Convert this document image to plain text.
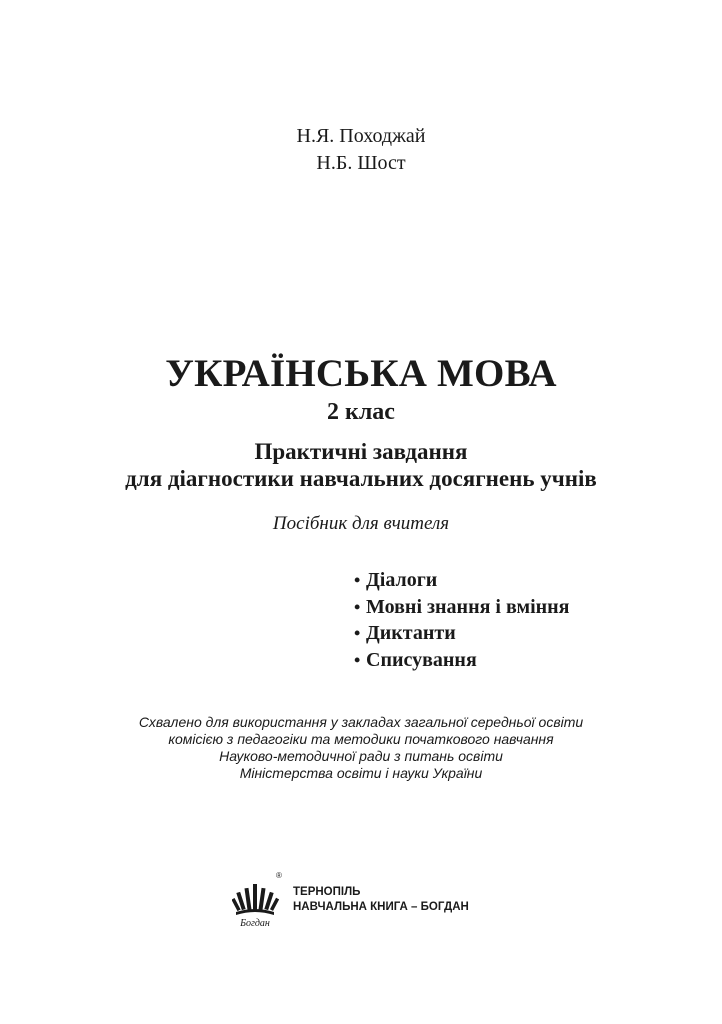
Н.Я. Походжай
Н.Б. Шост
УКРАЇНСЬКА МОВА
2 клас
Практичні завдання
для діагностики навчальних досягнень учнів
Посібник для вчителя
• Діалоги
• Мовні знання і вміння
• Диктанти
• Списування
Схвалено для використання у закладах загальної середньої освіти
комісією з педагогіки та методики початкового навчання
Науково-методичної ради з питань освіти
Міністерства освіти і науки України
Богдан
®
ТЕРНОПІЛЬ
НАВЧАЛЬНА КНИГА – БОГДАН
